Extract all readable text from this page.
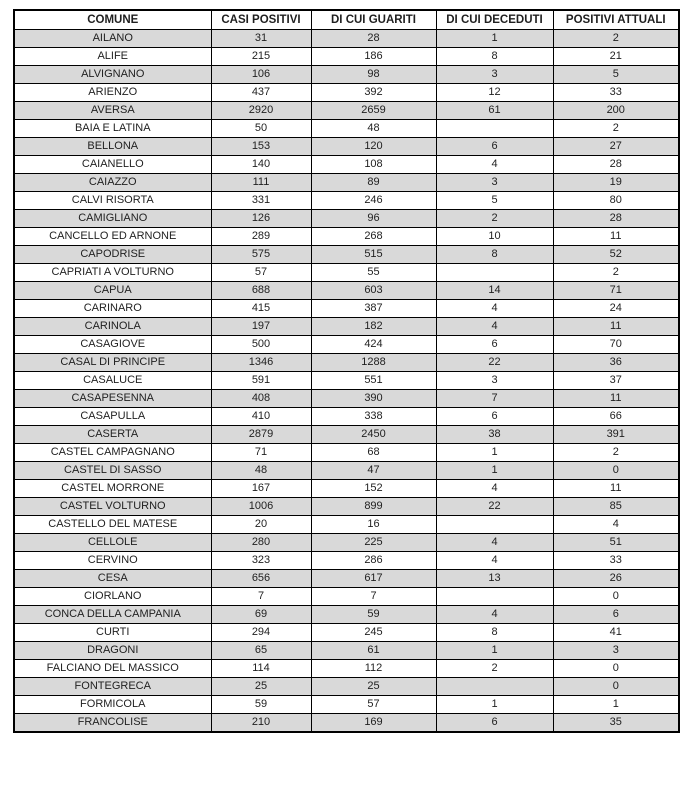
COMUNE	CASI POSITIVI	DI CUI GUARITI	DI CUI DECEDUTI	POSITIVI ATTUALI
AILANO	31	28	1	2
ALIFE	215	186	8	21
ALVIGNANO	106	98	3	5
ARIENZO	437	392	12	33
AVERSA	2920	2659	61	200
BAIA E LATINA	50	48		2
BELLONA	153	120	6	27
CAIANELLO	140	108	4	28
CAIAZZO	111	89	3	19
CALVI RISORTA	331	246	5	80
CAMIGLIANO	126	96	2	28
CANCELLO ED ARNONE	289	268	10	11
CAPODRISE	575	515	8	52
CAPRIATI A VOLTURNO	57	55		2
CAPUA	688	603	14	71
CARINARO	415	387	4	24
CARINOLA	197	182	4	11
CASAGIOVE	500	424	6	70
CASAL DI PRINCIPE	1346	1288	22	36
CASALUCE	591	551	3	37
CASAPESENNA	408	390	7	11
CASAPULLA	410	338	6	66
CASERTA	2879	2450	38	391
CASTEL CAMPAGNANO	71	68	1	2
CASTEL DI SASSO	48	47	1	0
CASTEL MORRONE	167	152	4	11
CASTEL VOLTURNO	1006	899	22	85
CASTELLO DEL MATESE	20	16		4
CELLOLE	280	225	4	51
CERVINO	323	286	4	33
CESA	656	617	13	26
CIORLANO	7	7		0
CONCA DELLA CAMPANIA	69	59	4	6
CURTI	294	245	8	41
DRAGONI	65	61	1	3
FALCIANO DEL MASSICO	114	112	2	0
FONTEGRECA	25	25		0
FORMICOLA	59	57	1	1
FRANCOLISE	210	169	6	35
